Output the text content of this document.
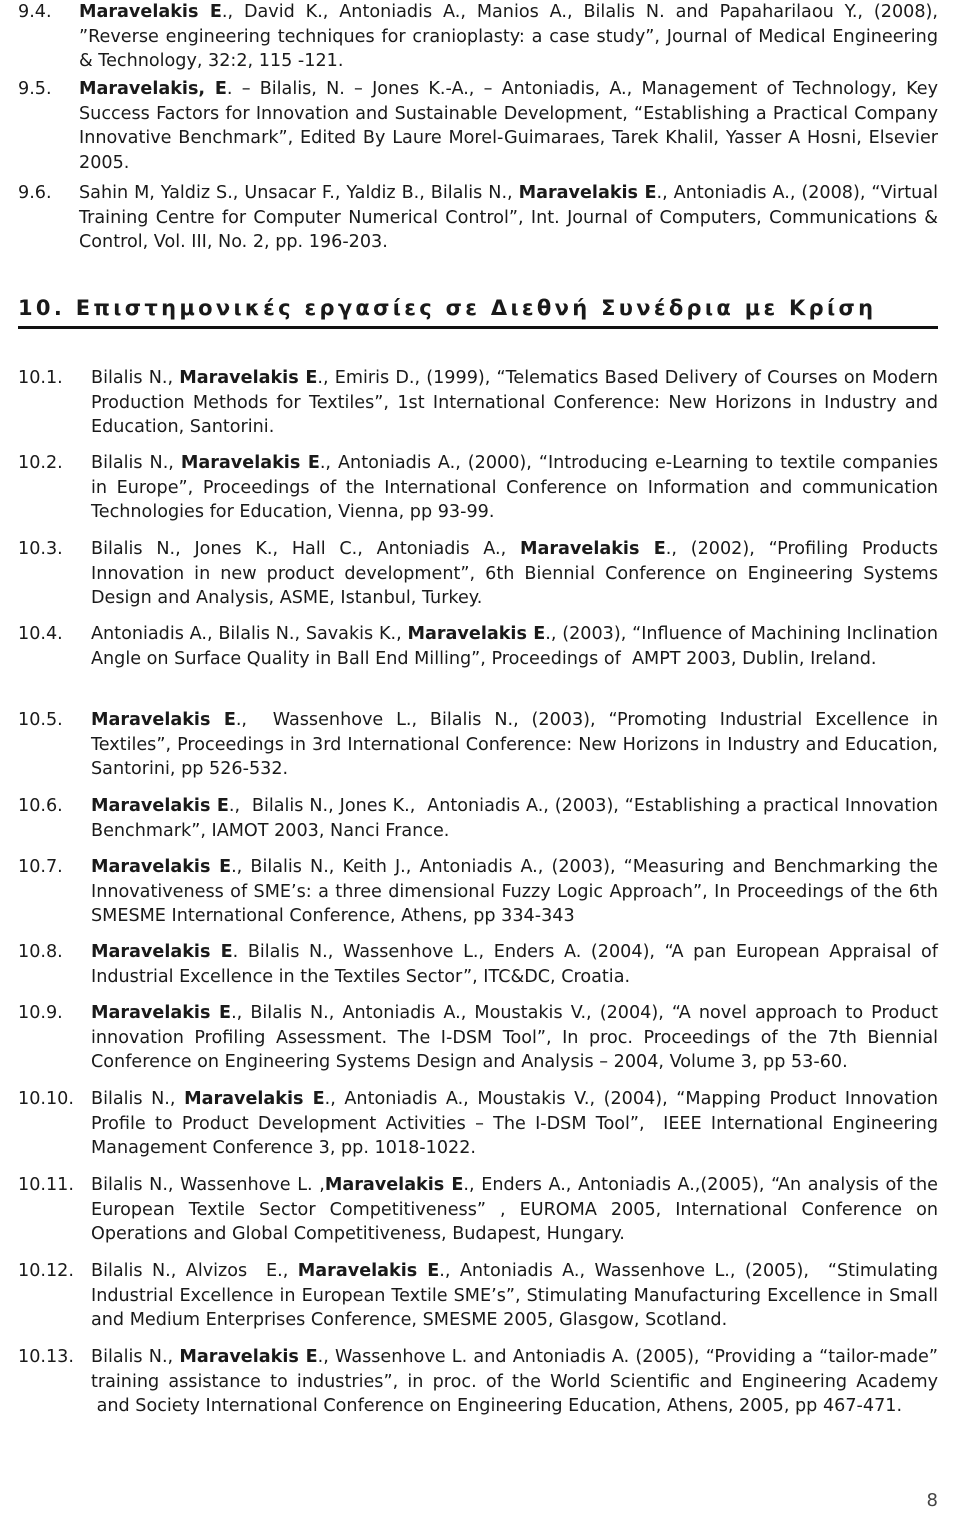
9.4.	Maravelakis E., David K., Antoniadis A., Manios A., Bilalis N. and Papaharilaou Y., (2008), ”Reverse engineering techniques for cranioplasty: a case study”, Journal of Medical Engineering & Technology, 32:2, 115 -121.
9.5.	Maravelakis, E. – Bilalis, N. – Jones K.-A., – Antoniadis, A., Management of Technology, Key Success Factors for Innovation and Sustainable Development, “Establishing a Practical Company Innovative Benchmark”, Edited By Laure Morel-Guimaraes, Tarek Khalil, Yasser A Hosni, Elsevier 2005.
9.6.	Sahin M, Yaldiz S., Unsacar F., Yaldiz B., Bilalis N., Maravelakis E., Antoniadis A., (2008), “Virtual Training Centre for Computer Numerical Control”, Int. Journal of Computers, Communications & Control, Vol. III, No. 2, pp. 196-203.
10. Επιστημονικές εργασίες σε Διεθνή Συνέδρια με Κρίση
10.1.	Bilalis N., Maravelakis E., Emiris D., (1999), “Telematics Based Delivery of Courses on Modern Production Methods for Textiles”, 1st International Conference: New Horizons in Industry and Education, Santorini.
10.2.	Bilalis N., Maravelakis E., Antoniadis A., (2000), “Introducing e-Learning to textile companies in Europe”, Proceedings of the International Conference on Information and communication Technologies for Education, Vienna, pp 93-99.
10.3.	Bilalis N., Jones K., Hall C., Antoniadis A., Maravelakis E., (2002), “Profiling Products Innovation in new product development”, 6th Biennial Conference on Engineering Systems Design and Analysis, ASME, Istanbul, Turkey.
10.4.	Antoniadis A., Bilalis N., Savakis K., Maravelakis E., (2003), “Influence of Machining Inclination Angle on Surface Quality in Ball End Milling”, Proceedings of  AMPT 2003, Dublin, Ireland.
10.5.	Maravelakis E.,  Wassenhove L., Bilalis N., (2003), “Promoting Industrial Excellence in Textiles”, Proceedings in 3rd International Conference: New Horizons in Industry and Education, Santorini, pp 526-532.
10.6.	Maravelakis E.,  Bilalis N., Jones K.,  Antoniadis A., (2003), “Establishing a practical Innovation Benchmark”, IAMOT 2003, Nanci France.
10.7.	Maravelakis E., Bilalis N., Keith J., Antoniadis A., (2003), “Measuring and Benchmarking the Innovativeness of SME’s: a three dimensional Fuzzy Logic Approach”, In Proceedings of the 6th SMESME International Conference, Athens, pp 334-343
10.8.	Maravelakis E. Bilalis N., Wassenhove L., Enders A. (2004), “A pan European Appraisal of Industrial Excellence in the Textiles Sector”, ITC&DC, Croatia.
10.9.	Maravelakis E., Bilalis N., Antoniadis A., Moustakis V., (2004), “A novel approach to Product innovation Profiling Assessment. The I-DSM Tool”, In proc. Proceedings of the 7th Biennial Conference on Engineering Systems Design and Analysis – 2004, Volume 3, pp 53-60.
10.10. Bilalis N., Maravelakis E., Antoniadis A., Moustakis V., (2004), “Mapping Product Innovation Profile to Product Development Activities – The I-DSM Tool”,  IEEE International Engineering Management Conference 3, pp. 1018-1022.
10.11. Bilalis N., Wassenhove L. ,Maravelakis E., Enders A., Antoniadis A.,(2005), “An analysis of the European Textile Sector Competitiveness” , EUROMA 2005, International Conference on Operations and Global Competitiveness, Budapest, Hungary.
10.12. Bilalis N., Alvizos  E., Maravelakis E., Antoniadis A., Wassenhove L., (2005),  “Stimulating Industrial Excellence in European Textile SME’s”, Stimulating Manufacturing Excellence in Small and Medium Enterprises Conference, SMESME 2005, Glasgow, Scotland.
10.13. Bilalis N., Maravelakis E., Wassenhove L. and Antoniadis A. (2005), “Providing a “tailor-made” training assistance to industries”, in proc. of the World Scientific and Engineering Academy  and Society International Conference on Engineering Education, Athens, 2005, pp 467-471.
8
